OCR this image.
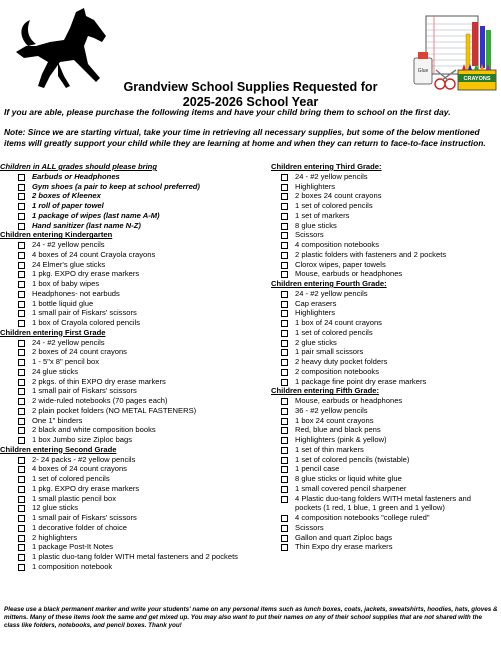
Glue
CRAYONS
Grandview School Supplies Requested for
2025-2026 School Year
If you are able, please purchase the following items and have your child bring them to school on the first day.
Note: Since we are starting virtual, take your time in retrieving all necessary supplies, but some of the below mentioned items will greatly support your child while they are learning at home and when they can return to face-to-face instruction.
Children in ALL grades should please bring
Earbuds or Headphones
Gym shoes (a pair to keep at school preferred)
2 boxes of Kleenex
1 roll of paper towel
1 package of wipes (last name A-M)
Hand sanitizer (last name N-Z)
Children entering Kindergarten
24 - #2 yellow pencils
4 boxes of 24 count Crayola crayons
24 Elmer's glue sticks
1 pkg. EXPO dry erase markers
1 box of baby wipes
Headphones- not earbuds
1 bottle liquid glue
1 small pair of Fiskars' scissors
1 box of Crayola colored pencils
Children entering First Grade
24 - #2 yellow pencils
2 boxes of 24 count crayons
1 - 5"x 8" pencil box
24 glue sticks
2 pkgs. of thin EXPO dry erase markers
1 small pair of Fiskars' scissors
2 wide-ruled notebooks (70 pages each)
2 plain pocket folders (NO METAL FASTENERS)
One 1" binders
2 black and white composition books
1 box Jumbo size Ziploc bags
Children entering Second Grade
2- 24 packs - #2 yellow pencils
4 boxes of 24 count crayons
1 set of colored pencils
1 pkg. EXPO dry erase markers
1 small plastic pencil box
12 glue sticks
1 small pair of Fiskars' scissors
1 decorative folder of choice
2 highlighters
1 package Post-It Notes
1 plastic duo-tang folder WITH metal fasteners and 2 pockets
1 composition notebook
Children entering Third Grade:
24 - #2 yellow pencils
Highlighters
2 boxes 24 count crayons
1 set of colored pencils
1 set of markers
8 glue sticks
Scissors
4 composition notebooks
2 plastic folders with fasteners and 2 pockets
Clorox wipes, paper towels
Mouse, earbuds or headphones
Children entering Fourth Grade:
24 - #2 yellow pencils
Cap erasers
Highlighters
1 box of 24 count crayons
1 set of colored pencils
2 glue sticks
1 pair small scissors
2 heavy duty pocket folders
2 composition notebooks
1 package fine point dry erase markers
Children entering Fifth Grade:
Mouse, earbuds or headphones
36 - #2 yellow pencils
1 box 24 count crayons
Red, blue and black pens
Highlighters (pink & yellow)
1 set of thin markers
1 set of colored pencils (twistable)
1 pencil case
8 glue sticks or liquid white glue
1 small covered pencil sharpener
4 Plastic duo-tang folders WITH metal fasteners and pockets (1 red, 1 blue, 1 green and 1 yellow)
4 composition notebooks "college ruled"
Scissors
Gallon and quart Ziploc bags
Thin Expo dry erase markers
Please use a black permanent marker and write your students' name on any personal items such as lunch boxes, coats, jackets, sweatshirts, hoodies, hats, gloves & mittens. Many of these items look the same and get mixed up. You may also want to put their names on any of their school supplies that are not shared with the class like folders, notebooks, and pencil boxes. Thank you!
